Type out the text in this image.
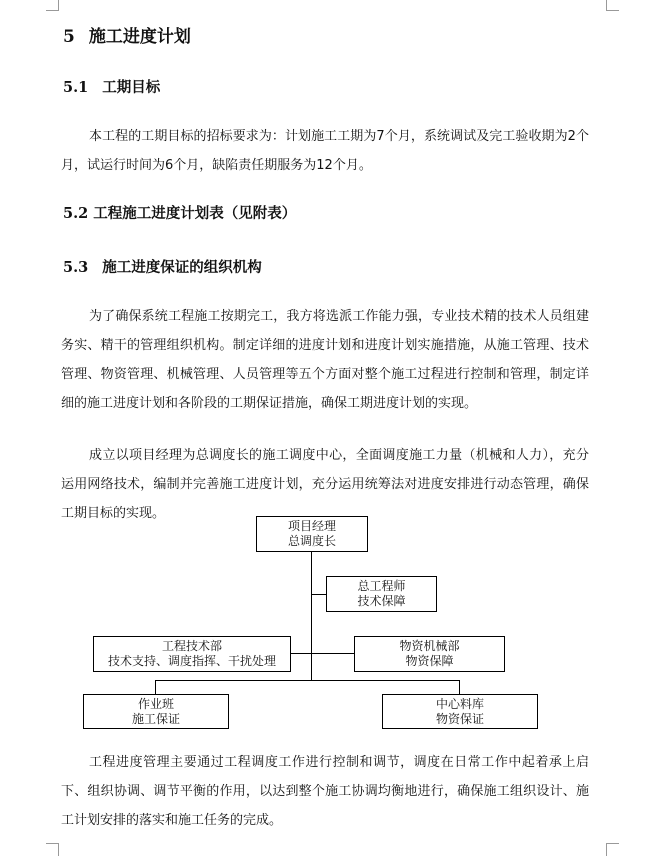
5 施工进度计划
5.1 工期目标
本工程的工期目标的招标要求为：计划施工工期为7个月，系统调试及完工验收期为2个月，试运行时间为6个月，缺陷责任期服务为12个月。
5.2 工程施工进度计划表（见附表）
5.3 施工进度保证的组织机构
为了确保系统工程施工按期完工，我方将选派工作能力强，专业技术精的技术人员组建务实、精干的管理组织机构。制定详细的进度计划和进度计划实施措施，从施工管理、技术管理、物资管理、机械管理、人员管理等五个方面对整个施工过程进行控制和管理，制定详细的施工进度计划和各阶段的工期保证措施，确保工期进度计划的实现。
成立以项目经理为总调度长的施工调度中心，全面调度施工力量（机械和人力），充分运用网络技术，编制并完善施工进度计划，充分运用统筹法对进度安排进行动态管理，确保工期目标的实现。
项目经理
总调度长
总工程师
技术保障
工程技术部
技术支持、调度指挥、干扰处理
物资机械部
物资保障
作业班
施工保证
中心料库
物资保证
工程进度管理主要通过工程调度工作进行控制和调节，调度在日常工作中起着承上启下、组织协调、调节平衡的作用，以达到整个施工协调均衡地进行，确保施工组织设计、施工计划安排的落实和施工任务的完成。
